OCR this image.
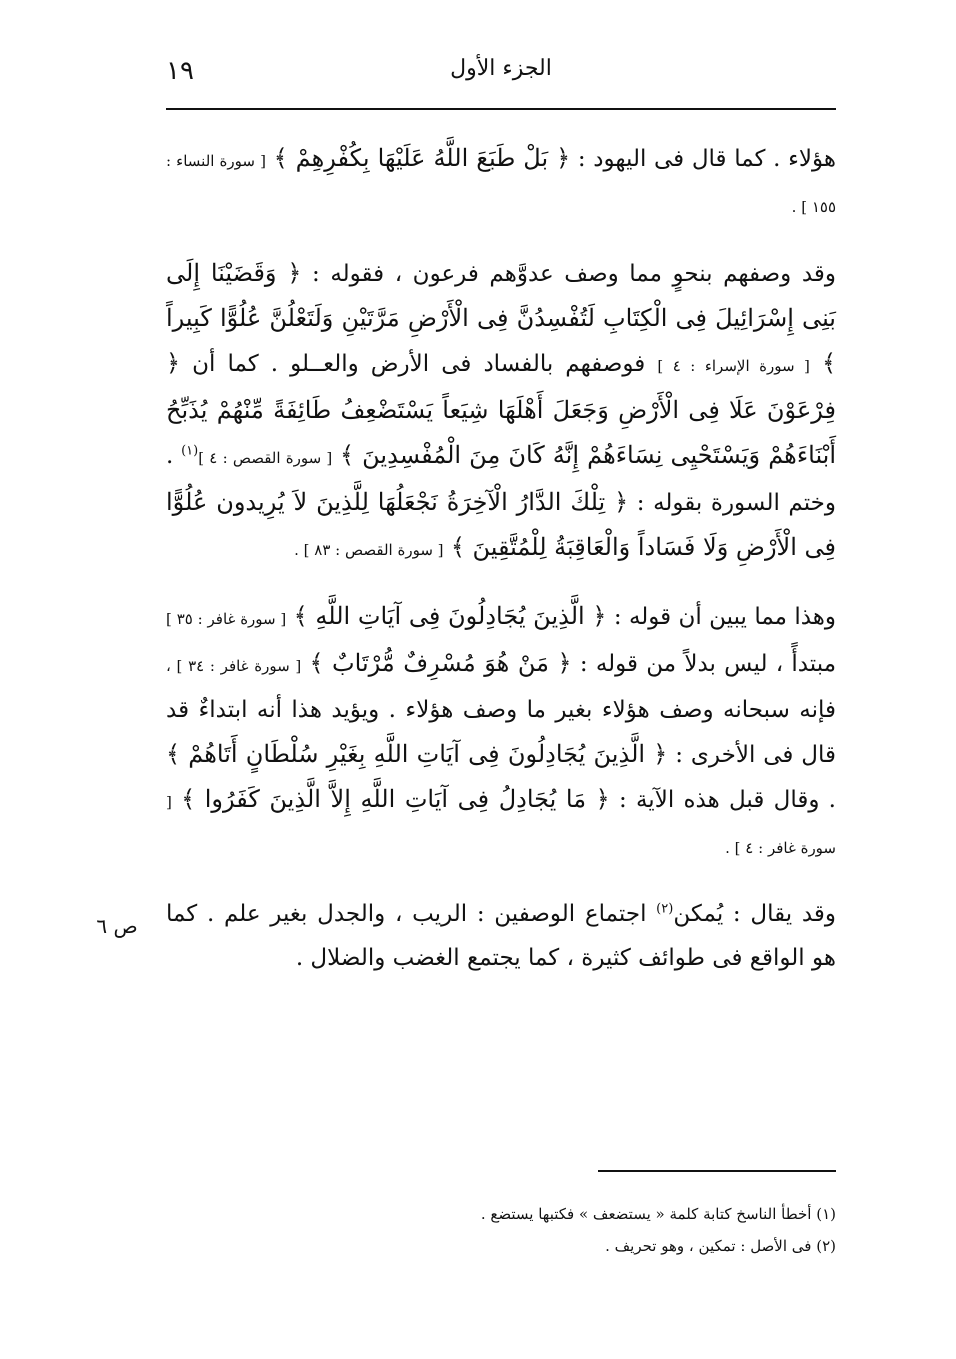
١٩	الجزء الأول

هؤلاء . كما قال فى اليهود : ﴿ بَلْ طَبَعَ اللَّهُ عَلَيْهَا بِكُفْرِهِمْ ﴾ [ سورة النساء : ١٥٥ ] .

وقد وصفهم بنحوٍ مما وصف عدوَّهم فرعون ، فقوله : ﴿ وَقَضَيْنَا إِلَى بَنِى إِسْرَائِيلَ فِى الْكِتَابِ لَتُفْسِدُنَّ فِى الْأَرْضِ مَرَّتَيْنِ وَلَتَعْلُنَّ عُلُوًّا كَبِيراً ﴾ [ سورة الإسراء : ٤ ] فوصفهم بالفساد فى الأرض والعــلو . كما أن ﴿ فِرْعَوْنَ عَلَا فِى الْأَرْضِ وَجَعَلَ أَهْلَهَا شِيَعاً يَسْتَضْعِفُ طَائِفَةً مِّنْهُمْ يُذَبِّحُ أَبْنَاءَهُمْ وَيَسْتَحْيِى نِسَاءَهُمْ إِنَّهُ كَانَ مِنَ الْمُفْسِدِينَ ﴾ [ سورة القصص : ٤ ]$^{(١)}$ . وختم السورة بقوله : ﴿ تِلْكَ الدَّارُ الْآخِرَةُ نَجْعَلُهَا لِلَّذِينَ لاَ يُرِيدون عُلُوًّا فِى الْأَرْضِ وَلَا فَسَاداً وَالْعَاقِبَةُ لِلْمُتَّقِينَ ﴾ [ سورة القصص : ٨٣ ] .

وهذا مما يبين أن قوله : ﴿ الَّذِينَ يُجَادِلُونَ فِى آيَاتِ اللَّهِ ﴾ [ سورة غافر : ٣٥ ] مبتدأً ، ليس بدلاً من قوله : ﴿ مَنْ هُوَ مُسْرِفٌ مُّرْتَابٌ ﴾ [ سورة غافر : ٣٤ ] ، فإنه سبحانه وصف هؤلاء بغير ما وصف هؤلاء . ويؤيد هذا أنه ابتداءٌ قد قال فى الأخرى : ﴿ الَّذِينَ يُجَادِلُونَ فِى آيَاتِ اللَّهِ بِغَيْرِ سُلْطَانٍ أَتَاهُمْ ﴾ . وقال قبل هذه الآية : ﴿ مَا يُجَادِلُ فِى آيَاتِ اللَّهِ إِلاَّ الَّذِينَ كَفَرُوا ﴾ [ سورة غافر : ٤ ] .

وقد يقال : يُمكن$^{(٢)}$ اجتماع الوصفين : الريب ، والجدل بغير علم . كما هو الواقع فى طوائف كثيرة ، كما يجتمع الغضب والضلال .

ص ٦

(١) أخطأ الناسخ كتابة كلمة « يستضعف » فكتبها يستضع .

(٢) فى الأصل : تمكين ، وهو تحريف .
